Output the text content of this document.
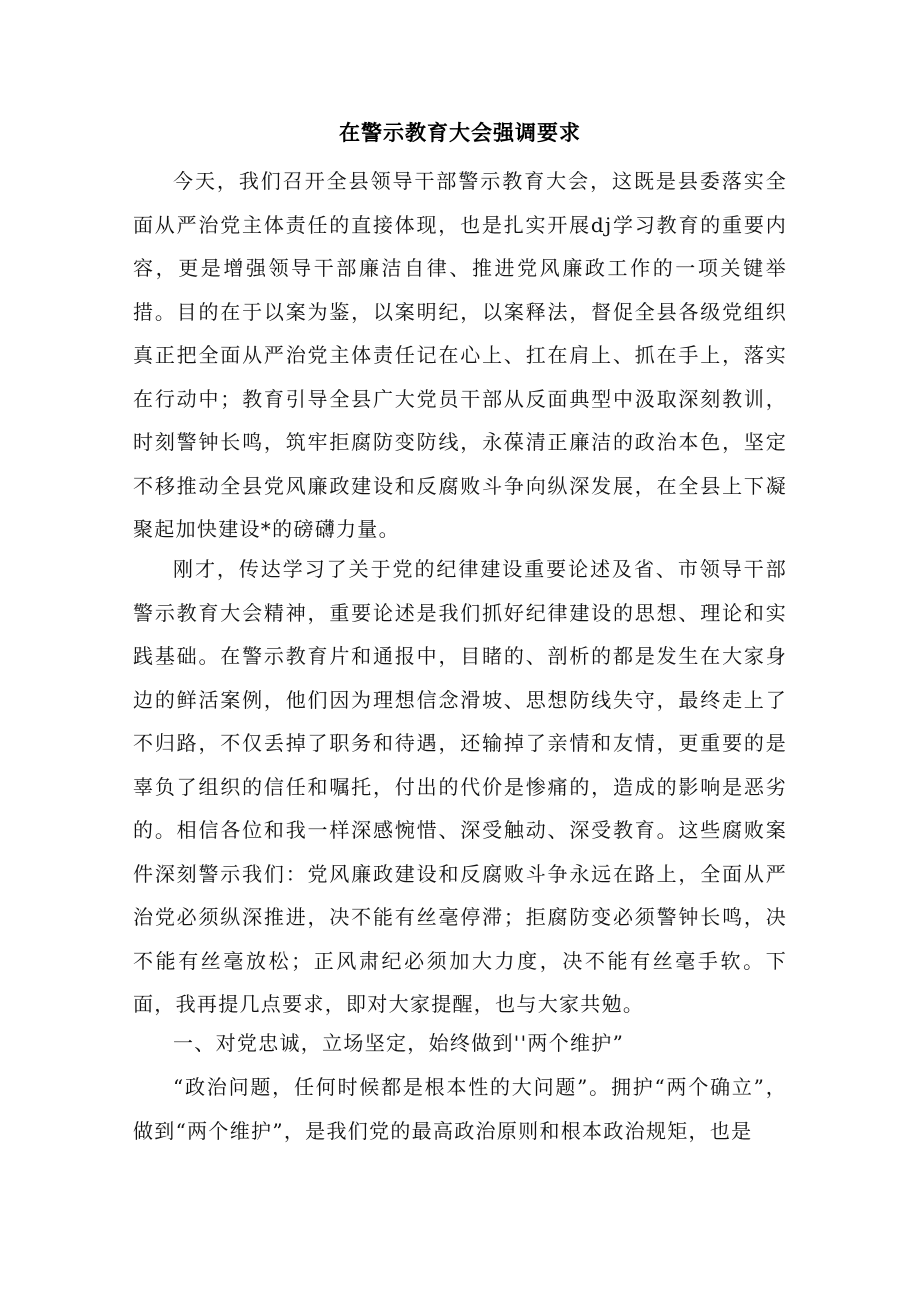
在警示教育大会强调要求

今天，我们召开全县领导干部警示教育大会，这既是县委落实全面从严治党主体责任的直接体现，也是扎实开展dj学习教育的重要内容，更是增强领导干部廉洁自律、推进党风廉政工作的一项关键举措。目的在于以案为鉴，以案明纪，以案释法，督促全县各级党组织真正把全面从严治党主体责任记在心上、扛在肩上、抓在手上，落实在行动中；教育引导全县广大党员干部从反面典型中汲取深刻教训，时刻警钟长鸣，筑牢拒腐防变防线，永葆清正廉洁的政治本色，坚定不移推动全县党风廉政建设和反腐败斗争向纵深发展，在全县上下凝聚起加快建设*的磅礴力量。

刚才，传达学习了关于党的纪律建设重要论述及省、市领导干部警示教育大会精神，重要论述是我们抓好纪律建设的思想、理论和实践基础。在警示教育片和通报中，目睹的、剖析的都是发生在大家身边的鲜活案例，他们因为理想信念滑坡、思想防线失守，最终走上了不归路，不仅丢掉了职务和待遇，还输掉了亲情和友情，更重要的是辜负了组织的信任和嘱托，付出的代价是惨痛的，造成的影响是恶劣的。相信各位和我一样深感惋惜、深受触动、深受教育。这些腐败案件深刻警示我们：党风廉政建设和反腐败斗争永远在路上，全面从严治党必须纵深推进，决不能有丝毫停滞；拒腐防变必须警钟长鸣，决不能有丝毫放松；正风肃纪必须加大力度，决不能有丝毫手软。下面，我再提几点要求，即对大家提醒，也与大家共勉。

一、对党忠诚，立场坚定，始终做到''两个维护”

“政治问题，任何时候都是根本性的大问题”。拥护“两个确立”，做到“两个维护”，是我们党的最高政治原则和根本政治规矩，也是
